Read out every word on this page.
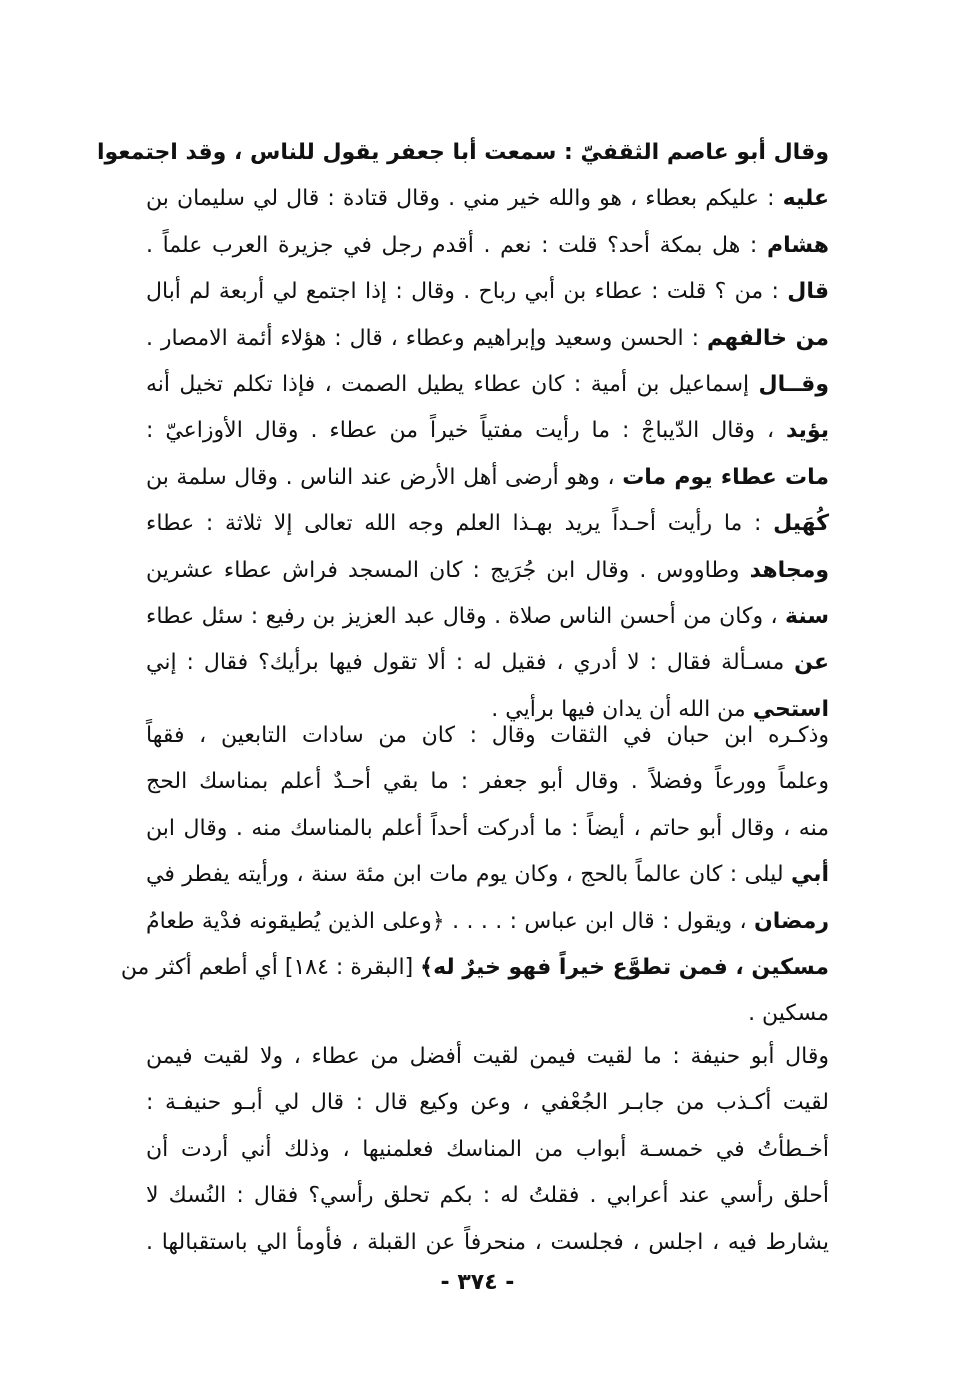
وقال أبو عاصم الثقفيّ : سمعت أبا جعفر يقول للناس ، وقد اجتمعوا
عليه : عليكم بعطاء ، هو والله خير مني . وقال قتادة : قال لي سليمان بن
هشام : هل بمكة أحد؟ قلت : نعم . أقدم رجل في جزيرة العرب علماً .
قال : من ؟ قلت : عطاء بن أبي رباح . وقال : إذا اجتمع لي أربعة لم أبال
من خالفهم : الحسن وسعيد وإبراهيم وعطاء ، قال : هؤلاء أئمة الامصار .
وقــال إسماعيل بن أمية : كان عطاء يطيل الصمت ، فإذا تكلم تخيل أنه
يؤيد ، وقال الدّيباجْ : ما رأيت مفتياً خيراً من عطاء . وقال الأوزاعيّ :
مات عطاء يوم مات ، وهو أرضى أهل الأرض عند الناس . وقال سلمة بن
كُهَيل : ما رأيت أحـداً يريد بهـذا العلم وجه الله تعالى إلا ثلاثة : عطاء
ومجاهد وطاووس . وقال ابن جُرَيج : كان المسجد فراش عطاء عشرين
سنة ، وكان من أحسن الناس صلاة . وقال عبد العزيز بن رفيع : سئل عطاء
عن مسـألة فقال : لا أدري ، فقيل له : ألا تقول فيها برأيك؟ فقال : إني
استحي من الله أن يدان فيها برأيي .
وذكـره ابن حبان في الثقات وقال : كان من سادات التابعين ، فقهاً
وعلماً وورعاً وفضلاً . وقال أبو جعفر : ما بقي أحـدٌ أعلم بمناسك الحج
منه ، وقال أبو حاتم ، أيضاً : ما أدركت أحداً أعلم بالمناسك منه . وقال ابن
أبي ليلى : كان عالماً بالحج ، وكان يوم مات ابن مئة سنة ، ورأيته يفطر في
رمضان ، ويقول : قال ابن عباس : . . . . ﴿وعلى الذين يُطيقونه فدْية طعامُ
مسكين ، فمن تطوَّع خيراً فهو خيرٌ له﴾ [البقرة : ١٨٤] أي أطعم أكثر من
مسكين .
وقال أبو حنيفة : ما لقيت فيمن لقيت أفضل من عطاء ، ولا لقيت فيمن
لقيت أكـذب من جابـر الجُعْفي ، وعن وكيع قال : قال لي أبـو حنيفـة :
أخـطأتُ في خمسـة أبواب من المناسك فعلمنيها ، وذلك أني أردت أن
أحلق رأسي عند أعرابي . فقلتُ له : بكم تحلق رأسي؟ فقال : النُسك لا
يشارط فيه ، اجلس ، فجلست ، منحرفاً عن القبلة ، فأومأ الي باستقبالها .
- ٣٧٤ -
